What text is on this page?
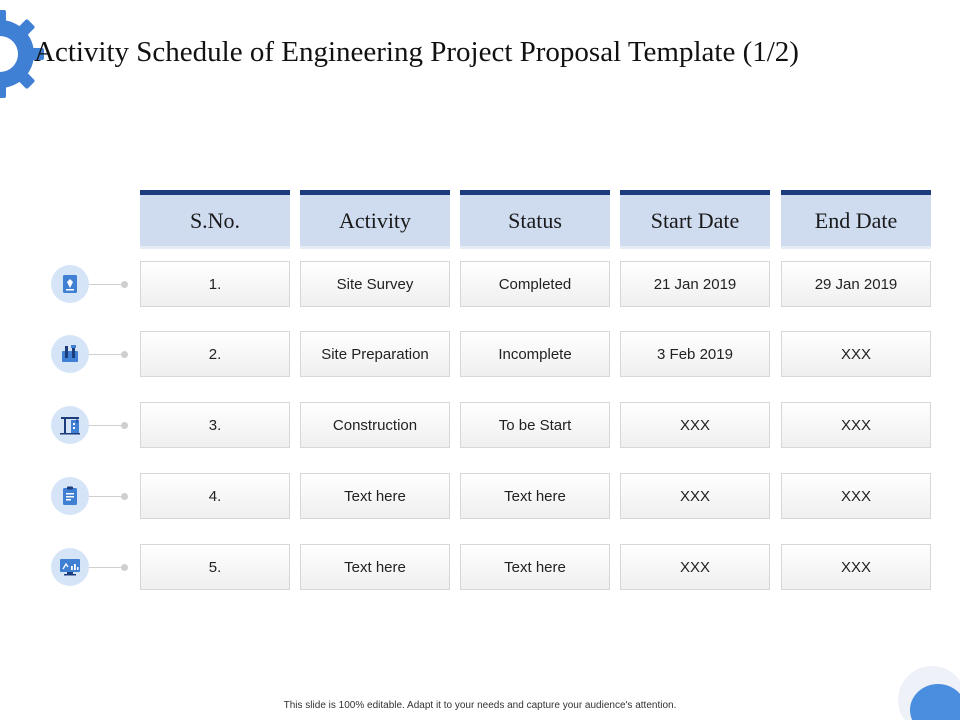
Activity Schedule of Engineering Project Proposal Template (1/2)
S.No.	Activity	Status	Start Date	End Date
1.	Site Survey	Completed	21 Jan 2019	29 Jan 2019
2.	Site Preparation	Incomplete	3 Feb 2019	XXX
3.	Construction	To be Start	XXX	XXX
4.	Text here	Text here	XXX	XXX
5.	Text here	Text here	XXX	XXX
This slide is 100% editable. Adapt it to your needs and capture your audience's attention.
